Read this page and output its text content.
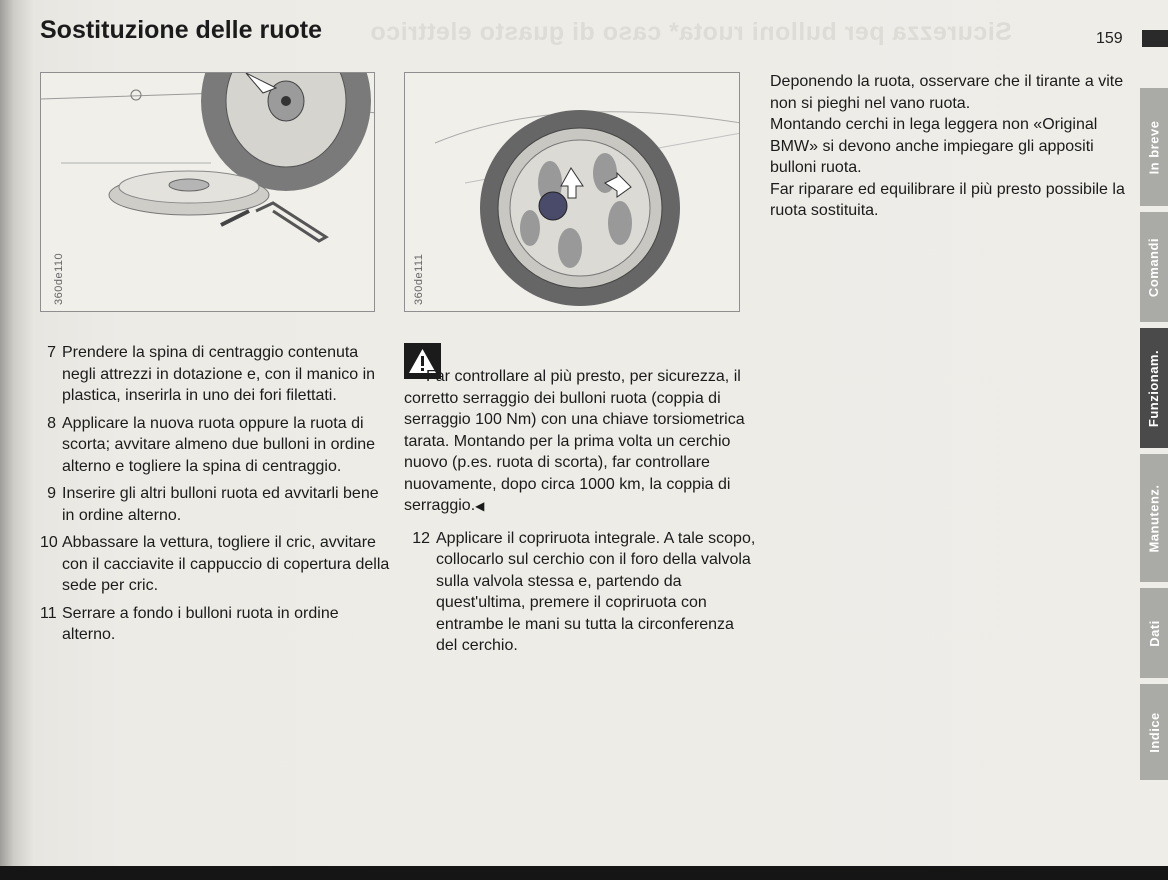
Sicurezza per bulloni ruota* caso di guasto elettrico
Sostituzione delle ruote	159
360de110	360de111

Deponendo la ruota, osservare che il tirante a vite non si pieghi nel vano ruota.

Montando cerchi in lega leggera non «Original BMW» si devono anche impiegare gli appositi bulloni ruota.

Far riparare ed equilibrare il più presto possibile la ruota sostituita.

7 Prendere la spina di centraggio contenuta negli attrezzi in dotazione e, con il manico in plastica, inserirla in uno dei fori filettati.
8 Applicare la nuova ruota oppure la ruota di scorta; avvitare almeno due bulloni in ordine alterno e togliere la spina di centraggio.
9 Inserire gli altri bulloni ruota ed avvitarli bene in ordine alterno.
10 Abbassare la vettura, togliere il cric, avvitare con il cacciavite il cappuccio di copertura della sede per cric.
11 Serrare a fondo i bulloni ruota in ordine alterno.

Far controllare al più presto, per sicurezza, il corretto serraggio dei bulloni ruota (coppia di serraggio 100 Nm) con una chiave torsiometrica tarata. Montando per la prima volta un cerchio nuovo (p.es. ruota di scorta), far controllare nuovamente, dopo circa 1000 km, la coppia di serraggio.◀

12 Applicare il copriruota integrale. A tale scopo, collocarlo sul cerchio con il foro della valvola sulla valvola stessa e, partendo da quest'ultima, premere il copriruota con entrambe le mani su tutta la circonferenza del cerchio.
In breve
Comandi
Funzionam.
Manutenz.
Dati
Indice
